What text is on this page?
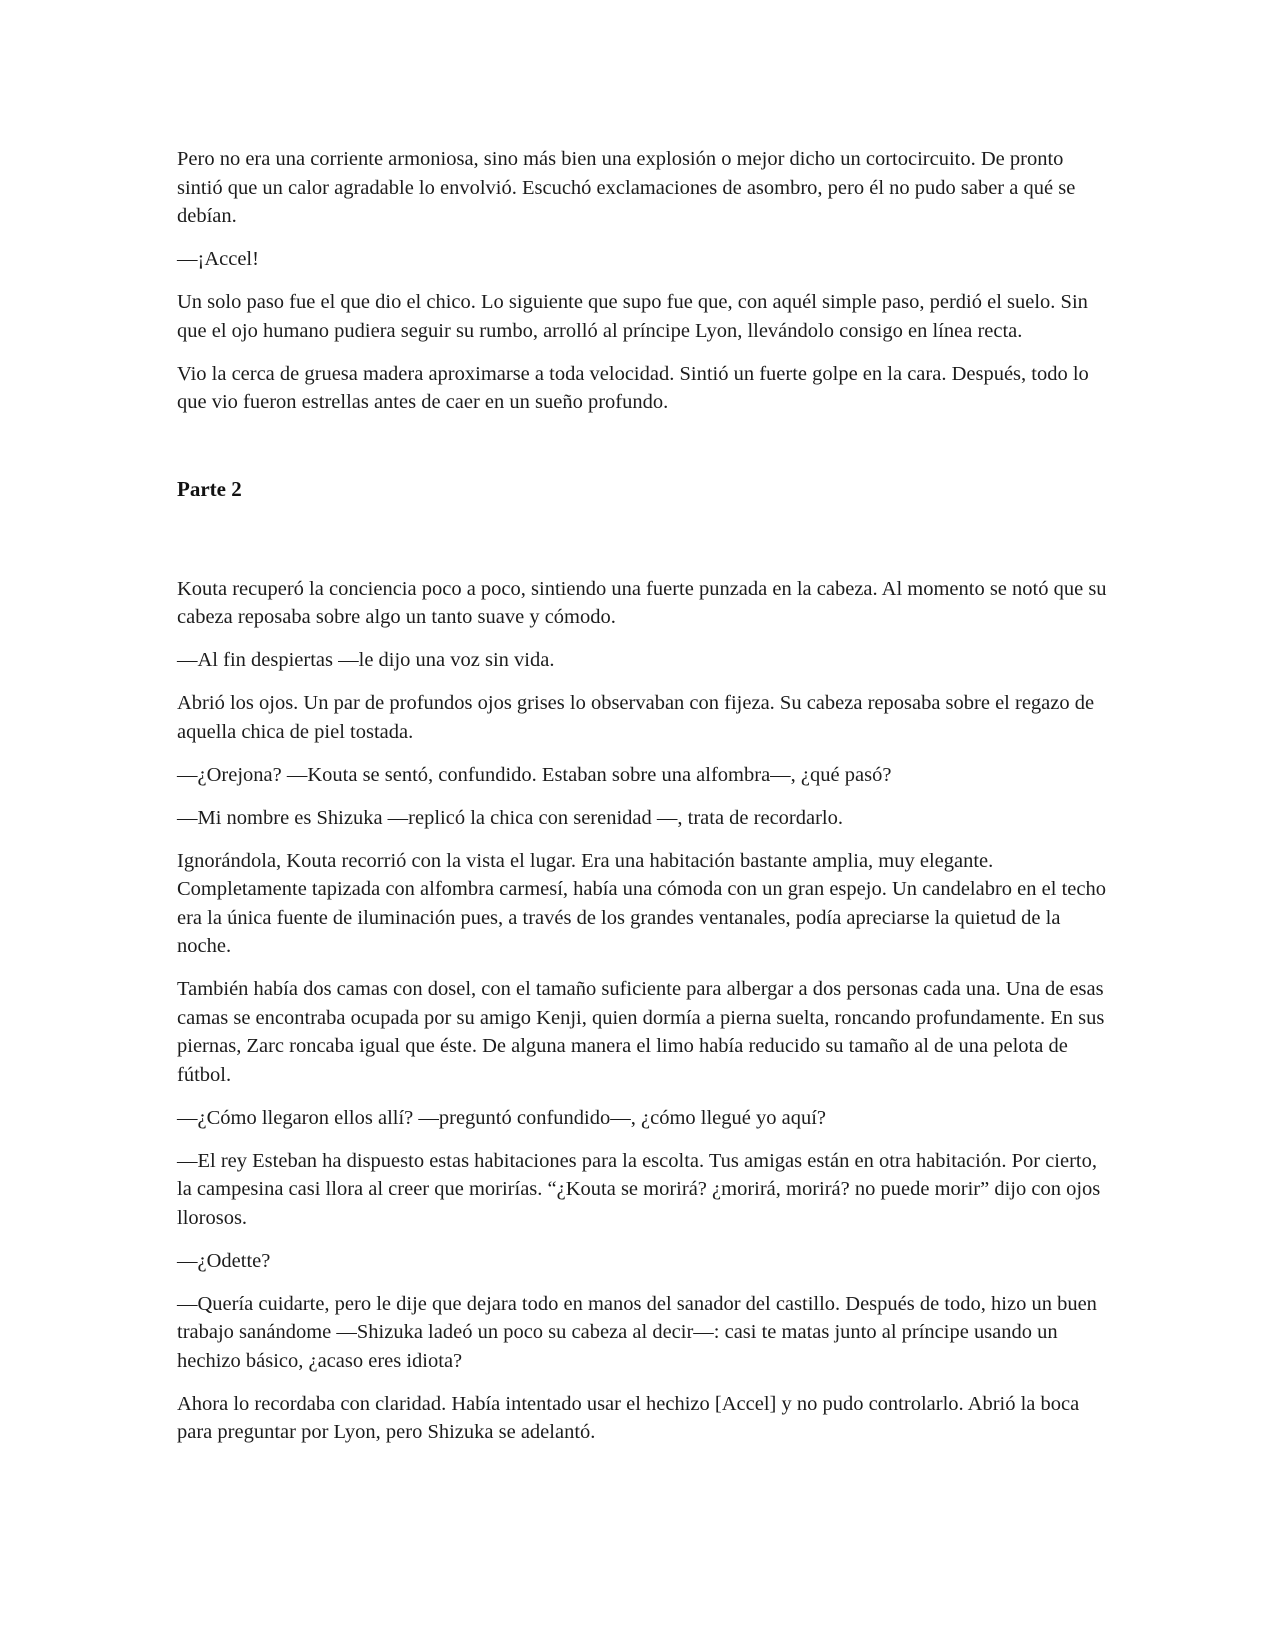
Pero no era una corriente armoniosa, sino más bien una explosión o mejor dicho un cortocircuito. De pronto sintió que un calor agradable lo envolvió. Escuchó exclamaciones de asombro, pero él no pudo saber a qué se debían.

—¡Accel!

Un solo paso fue el que dio el chico. Lo siguiente que supo fue que, con aquél simple paso, perdió el suelo. Sin que el ojo humano pudiera seguir su rumbo, arrolló al príncipe Lyon, llevándolo consigo en línea recta.

Vio la cerca de gruesa madera aproximarse a toda velocidad. Sintió un fuerte golpe en la cara. Después, todo lo que vio fueron estrellas antes de caer en un sueño profundo.

Parte 2

Kouta recuperó la conciencia poco a poco, sintiendo una fuerte punzada en la cabeza. Al momento se notó que su cabeza reposaba sobre algo un tanto suave y cómodo.

—Al fin despiertas —le dijo una voz sin vida.

Abrió los ojos. Un par de profundos ojos grises lo observaban con fijeza. Su cabeza reposaba sobre el regazo de aquella chica de piel tostada.

—¿Orejona? —Kouta se sentó, confundido. Estaban sobre una alfombra—, ¿qué pasó?

—Mi nombre es Shizuka —replicó la chica con serenidad —, trata de recordarlo.

Ignorándola, Kouta recorrió con la vista el lugar. Era una habitación bastante amplia, muy elegante. Completamente tapizada con alfombra carmesí, había una cómoda con un gran espejo. Un candelabro en el techo era la única fuente de iluminación pues, a través de los grandes ventanales, podía apreciarse la quietud de la noche.

También había dos camas con dosel, con el tamaño suficiente para albergar a dos personas cada una. Una de esas camas se encontraba ocupada por su amigo Kenji, quien dormía a pierna suelta, roncando profundamente. En sus piernas, Zarc roncaba igual que éste. De alguna manera el limo había reducido su tamaño al de una pelota de fútbol.

—¿Cómo llegaron ellos allí? —preguntó confundido—, ¿cómo llegué yo aquí?

—El rey Esteban ha dispuesto estas habitaciones para la escolta. Tus amigas están en otra habitación. Por cierto, la campesina casi llora al creer que morirías. “¿Kouta se morirá? ¿morirá, morirá? no puede morir” dijo con ojos llorosos.

—¿Odette?

—Quería cuidarte, pero le dije que dejara todo en manos del sanador del castillo. Después de todo, hizo un buen trabajo sanándome —Shizuka ladeó un poco su cabeza al decir—: casi te matas junto al príncipe usando un hechizo básico, ¿acaso eres idiota?

Ahora lo recordaba con claridad. Había intentado usar el hechizo [Accel] y no pudo controlarlo. Abrió la boca para preguntar por Lyon, pero Shizuka se adelantó.
